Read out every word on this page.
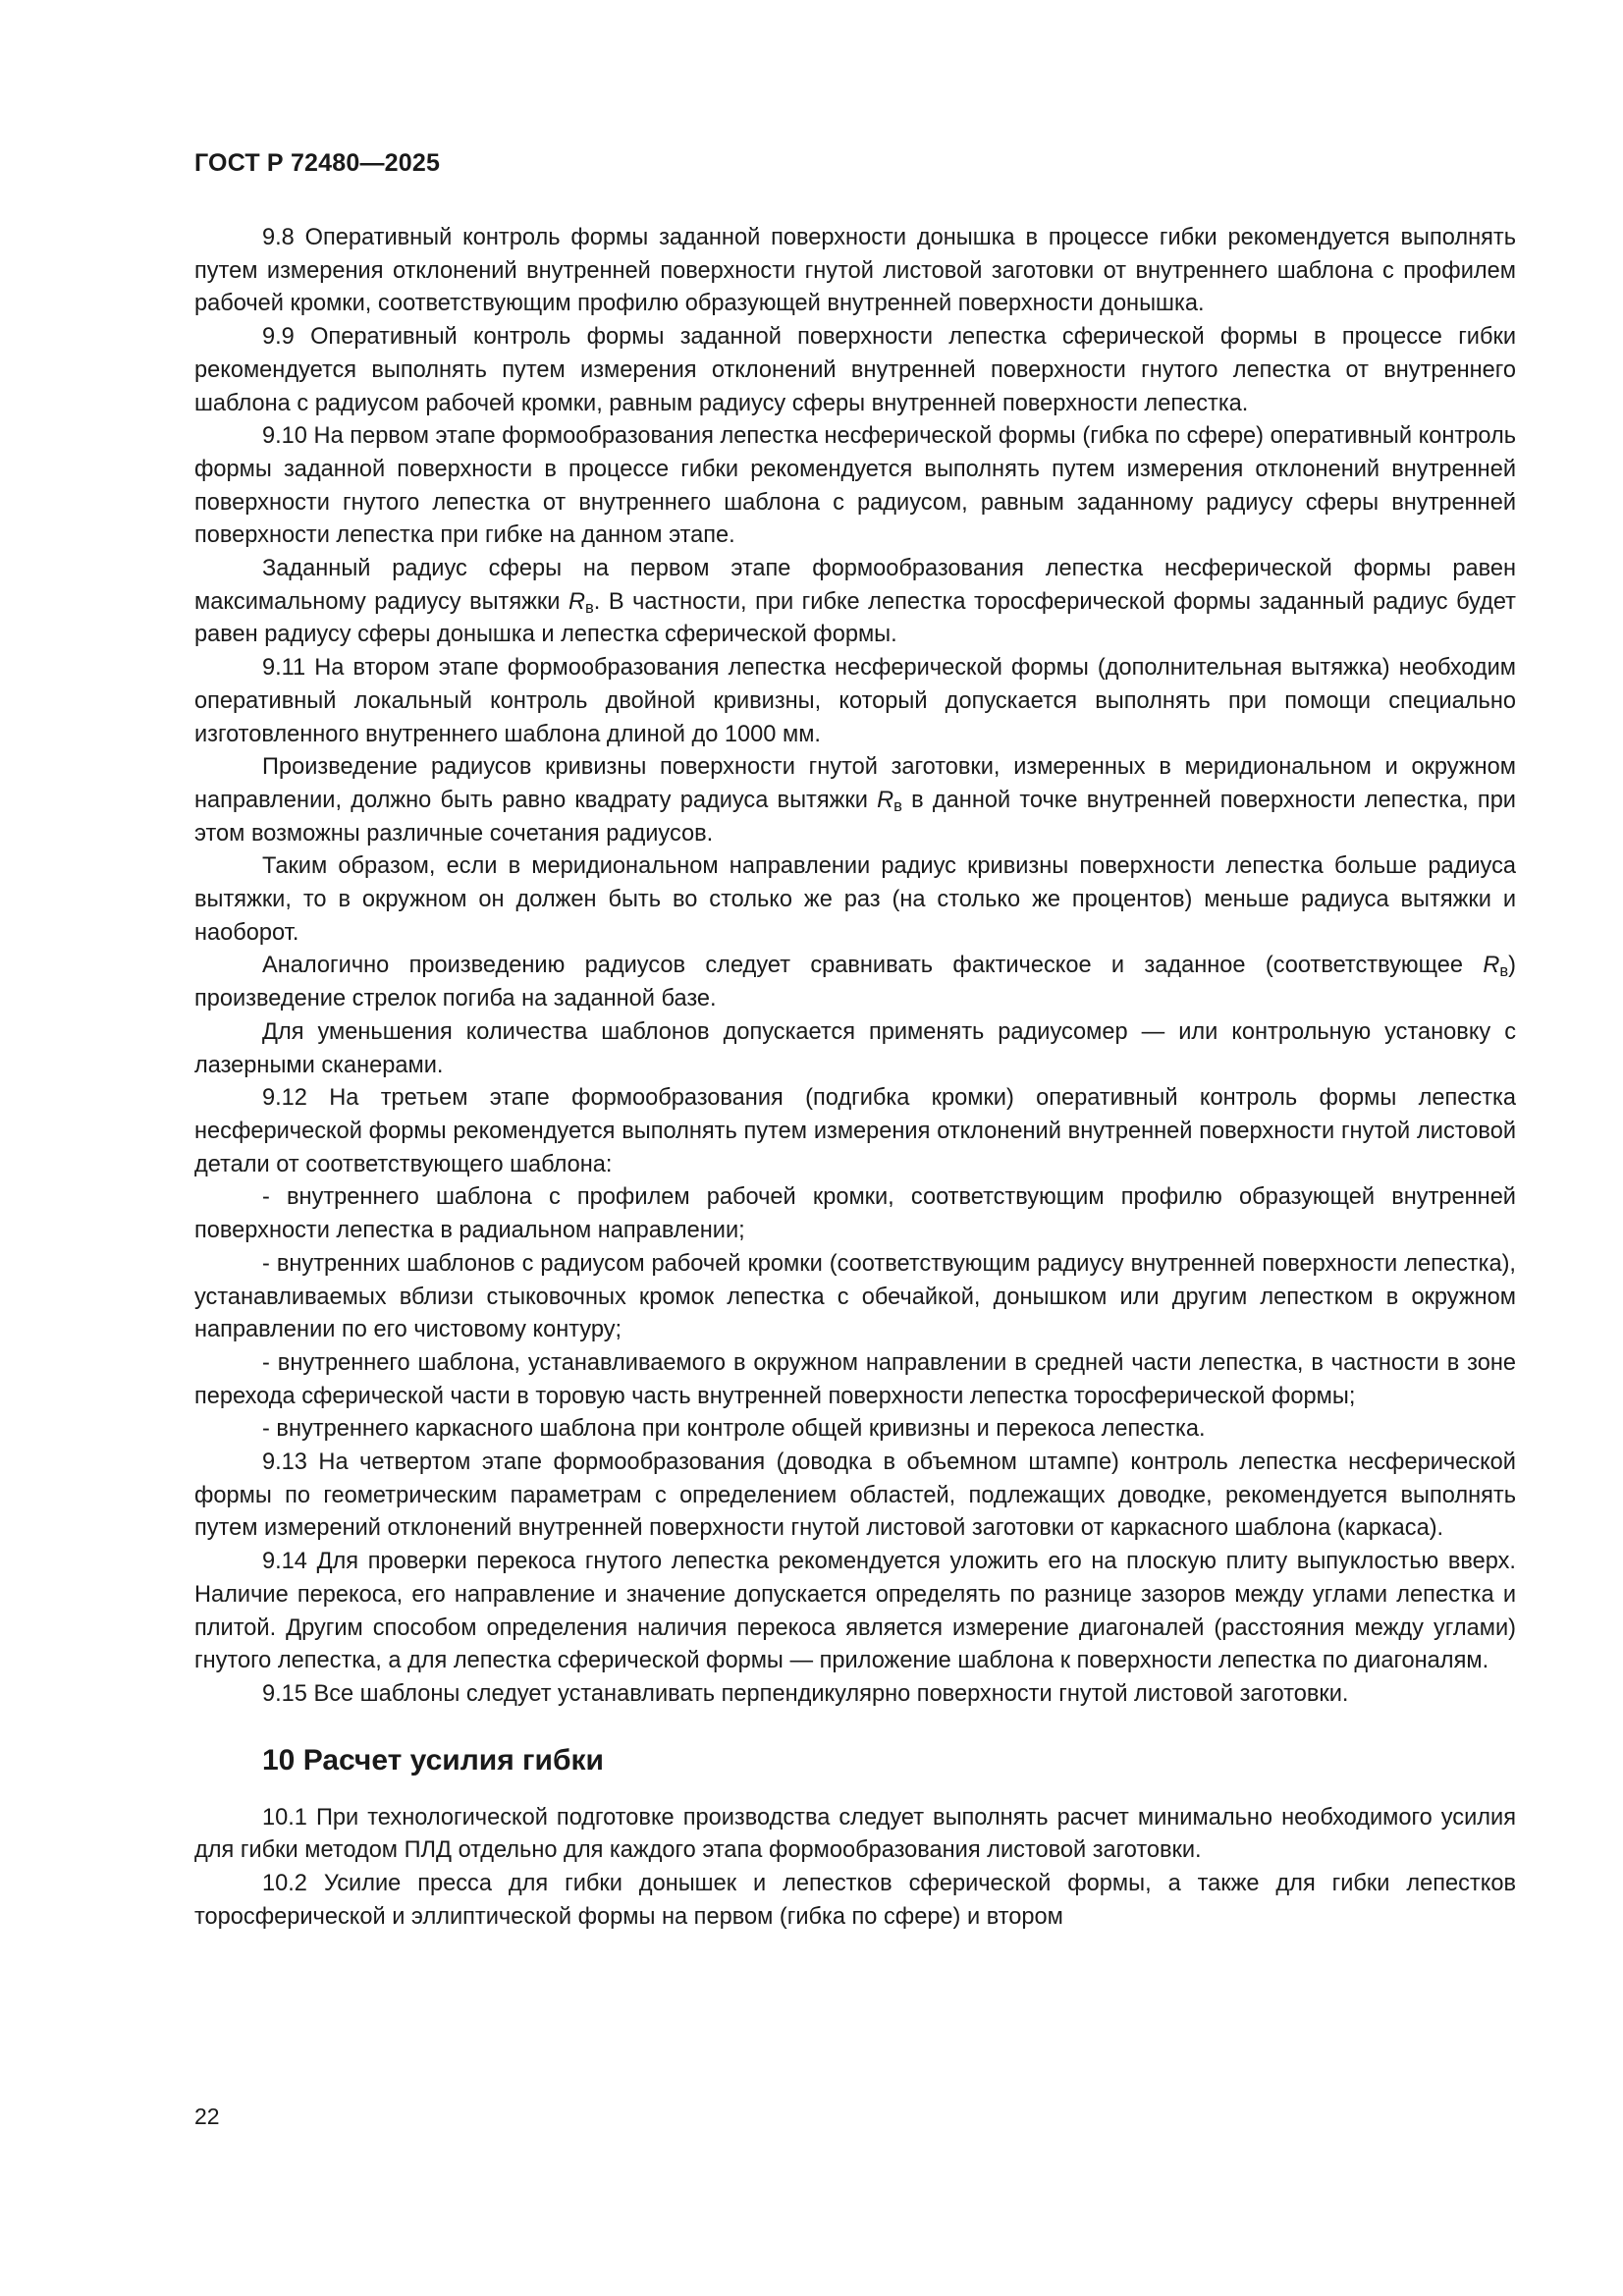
ГОСТ Р 72480—2025

9.8 Оперативный контроль формы заданной поверхности донышка в процессе гибки рекомендуется выполнять путем измерения отклонений внутренней поверхности гнутой листовой заготовки от внутреннего шаблона с профилем рабочей кромки, соответствующим профилю образующей внутренней поверхности донышка.

9.9 Оперативный контроль формы заданной поверхности лепестка сферической формы в процессе гибки рекомендуется выполнять путем измерения отклонений внутренней поверхности гнутого лепестка от внутреннего шаблона с радиусом рабочей кромки, равным радиусу сферы внутренней поверхности лепестка.

9.10 На первом этапе формообразования лепестка несферической формы (гибка по сфере) оперативный контроль формы заданной поверхности в процессе гибки рекомендуется выполнять путем измерения отклонений внутренней поверхности гнутого лепестка от внутреннего шаблона с радиусом, равным заданному радиусу сферы внутренней поверхности лепестка при гибке на данном этапе.

Заданный радиус сферы на первом этапе формообразования лепестка несферической формы равен максимальному радиусу вытяжки $R_в$. В частности, при гибке лепестка торосферической формы заданный радиус будет равен радиусу сферы донышка и лепестка сферической формы.

9.11 На втором этапе формообразования лепестка несферической формы (дополнительная вытяжка) необходим оперативный локальный контроль двойной кривизны, который допускается выполнять при помощи специально изготовленного внутреннего шаблона длиной до 1000 мм.

Произведение радиусов кривизны поверхности гнутой заготовки, измеренных в меридиональном и окружном направлении, должно быть равно квадрату радиуса вытяжки $R_в$ в данной точке внутренней поверхности лепестка, при этом возможны различные сочетания радиусов.

Таким образом, если в меридиональном направлении радиус кривизны поверхности лепестка больше радиуса вытяжки, то в окружном он должен быть во столько же раз (на столько же процентов) меньше радиуса вытяжки и наоборот.

Аналогично произведению радиусов следует сравнивать фактическое и заданное (соответствующее $R_в$) произведение стрелок погиба на заданной базе.

Для уменьшения количества шаблонов допускается применять радиусомер — или контрольную установку с лазерными сканерами.

9.12 На третьем этапе формообразования (подгибка кромки) оперативный контроль формы лепестка несферической формы рекомендуется выполнять путем измерения отклонений внутренней поверхности гнутой листовой детали от соответствующего шаблона:

- внутреннего шаблона с профилем рабочей кромки, соответствующим профилю образующей внутренней поверхности лепестка в радиальном направлении;

- внутренних шаблонов с радиусом рабочей кромки (соответствующим радиусу внутренней поверхности лепестка), устанавливаемых вблизи стыковочных кромок лепестка с обечайкой, донышком или другим лепестком в окружном направлении по его чистовому контуру;

- внутреннего шаблона, устанавливаемого в окружном направлении в средней части лепестка, в частности в зоне перехода сферической части в торовую часть внутренней поверхности лепестка торосферической формы;

- внутреннего каркасного шаблона при контроле общей кривизны и перекоса лепестка.

9.13 На четвертом этапе формообразования (доводка в объемном штампе) контроль лепестка несферической формы по геометрическим параметрам с определением областей, подлежащих доводке, рекомендуется выполнять путем измерений отклонений внутренней поверхности гнутой листовой заготовки от каркасного шаблона (каркаса).

9.14 Для проверки перекоса гнутого лепестка рекомендуется уложить его на плоскую плиту выпуклостью вверх. Наличие перекоса, его направление и значение допускается определять по разнице зазоров между углами лепестка и плитой. Другим способом определения наличия перекоса является измерение диагоналей (расстояния между углами) гнутого лепестка, а для лепестка сферической формы — приложение шаблона к поверхности лепестка по диагоналям.

9.15 Все шаблоны следует устанавливать перпендикулярно поверхности гнутой листовой заготовки.

10 Расчет усилия гибки

10.1 При технологической подготовке производства следует выполнять расчет минимально необходимого усилия для гибки методом ПЛД отдельно для каждого этапа формообразования листовой заготовки.

10.2 Усилие пресса для гибки донышек и лепестков сферической формы, а также для гибки лепестков торосферической и эллиптической формы на первом (гибка по сфере) и втором

22
